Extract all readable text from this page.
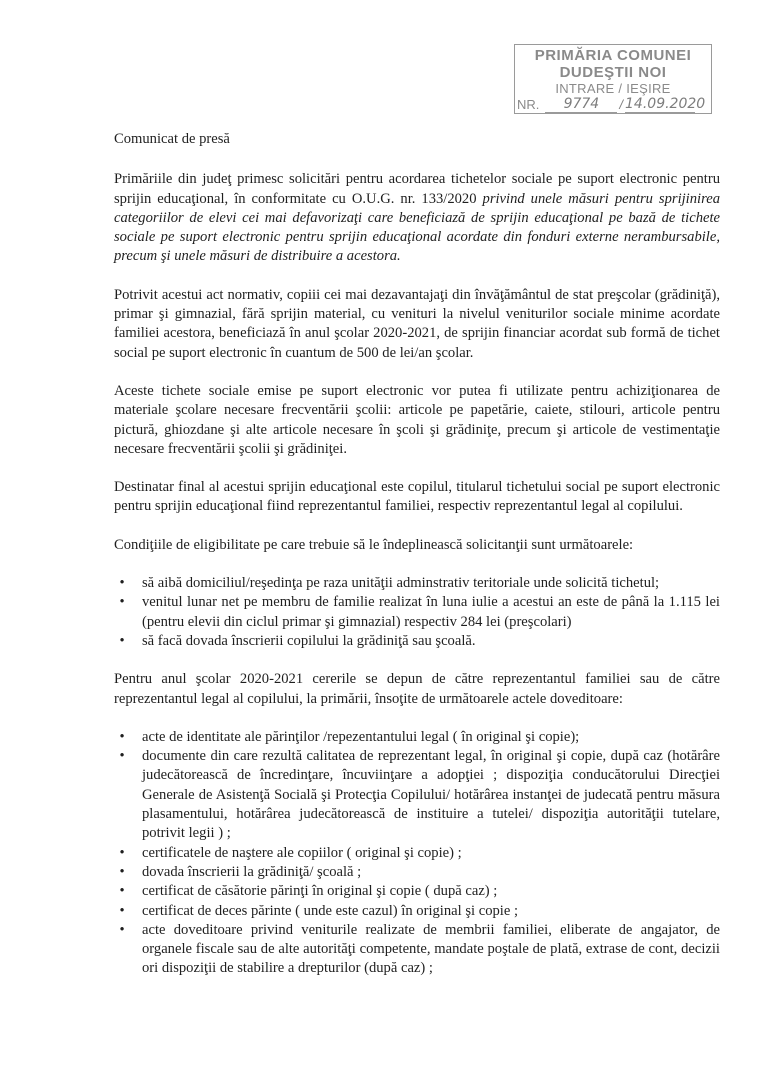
PRIMĂRIA COMUNEI
DUDEŞTII NOI
INTRARE / IEŞIRE
NR.	9774	/ 14.09.2020
Comunicat de presă

Primăriile din judeţ primesc solicitări pentru acordarea tichetelor sociale pe suport electronic pentru sprijin educaţional, în conformitate cu O.U.G. nr. 133/2020 privind unele măsuri pentru sprijinirea categoriilor de elevi cei mai defavorizaţi care beneficiază de sprijin educaţional pe bază de tichete sociale pe suport electronic pentru sprijin educaţional acordate din fonduri externe nerambursabile, precum şi unele măsuri de distribuire a acestora.

Potrivit acestui act normativ, copiii cei mai dezavantajaţi din învăţământul de stat preşcolar (grădiniţă), primar şi gimnazial, fără sprijin material, cu venituri la nivelul veniturilor sociale minime acordate familiei acestora, beneficiază în anul şcolar 2020-2021, de sprijin financiar acordat sub formă de tichet social pe suport electronic în cuantum de 500 de lei/an şcolar.

Aceste tichete sociale emise pe suport electronic vor putea fi utilizate pentru achiziţionarea de materiale şcolare necesare frecventării şcolii: articole pe papetărie, caiete, stilouri, articole pentru pictură, ghiozdane şi alte articole necesare în şcoli şi grădiniţe, precum şi articole de vestimentaţie necesare frecventării şcolii şi grădiniţei.

Destinatar final al acestui sprijin educaţional este copilul, titularul tichetului social pe suport electronic pentru sprijin educaţional fiind reprezentantul familiei, respectiv reprezentantul legal al copilului.

Condiţiile de eligibilitate pe care trebuie să le îndeplinească solicitanţii sunt următoarele:

• să aibă domiciliul/reşedinţa pe raza unităţii adminstrativ teritoriale unde solicită tichetul;
• venitul lunar net pe membru de familie realizat în luna iulie a acestui an este de până la 1.115 lei (pentru elevii din ciclul primar şi gimnazial) respectiv 284 lei (preşcolari)
• să facă dovada înscrierii copilului la grădiniţă sau şcoală.

Pentru anul şcolar 2020-2021 cererile se depun de către reprezentantul familiei sau de către reprezentantul legal al copilului, la primării, însoţite de următoarele actele doveditoare:

• acte de identitate ale părinţilor /repezentantului legal ( în original şi copie);
• documente din care rezultă calitatea de reprezentant legal, în original şi copie, după caz (hotărâre judecătorească de încredinţare, încuviinţare a adopţiei ; dispoziţia conducătorului Direcţiei Generale de Asistenţă Socială şi Protecţia Copilului/ hotărârea instanţei de judecată pentru măsura plasamentului, hotărârea judecătorească de instituire a tutelei/ dispoziţia autorităţii tutelare, potrivit legii ) ;
• certificatele de naştere ale copiilor ( original şi copie) ;
• dovada înscrierii la grădiniţă/ şcoală ;
• certificat de căsătorie părinţi în original şi copie ( după caz) ;
• certificat de deces părinte ( unde este cazul) în original şi copie ;
• acte doveditoare privind veniturile realizate de membrii familiei, eliberate de angajator, de organele fiscale sau de alte autorităţi competente, mandate poştale de plată, extrase de cont, decizii ori dispoziţii de stabilire a drepturilor (după caz) ;
